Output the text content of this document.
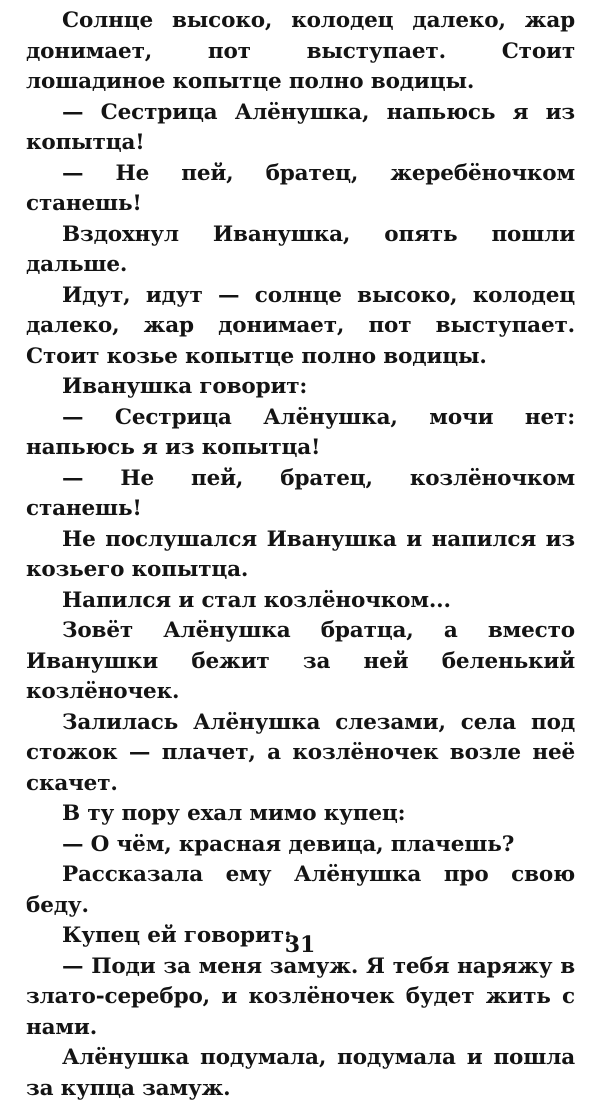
Солнце высоко, колодец далеко, жар донимает, пот выступает. Стоит лошадиное копытце полно водицы.

— Сестрица Алёнушка, напьюсь я из копытца!

— Не пей, братец, жеребёночком станешь!

Вздохнул Иванушка, опять пошли дальше.

Идут, идут — солнце высоко, колодец далеко, жар донимает, пот выступает. Стоит козье копытце полно водицы.

Иванушка говорит:

— Сестрица Алёнушка, мочи нет: напьюсь я из копытца!

— Не пей, братец, козлёночком станешь!

Не послушался Иванушка и напился из козьего копытца.

Напился и стал козлёночком...

Зовёт Алёнушка братца, а вместо Иванушки бежит за ней беленький козлёночек.

Залилась Алёнушка слезами, села под стожок — плачет, а козлёночек возле неё скачет.

В ту пору ехал мимо купец:

— О чём, красная девица, плачешь?

Рассказала ему Алёнушка про свою беду.

Купец ей говорит:

— Поди за меня замуж. Я тебя наряжу в злато-серебро, и козлёночек будет жить с нами.

Алёнушка подумала, подумала и пошла за купца замуж.

31
